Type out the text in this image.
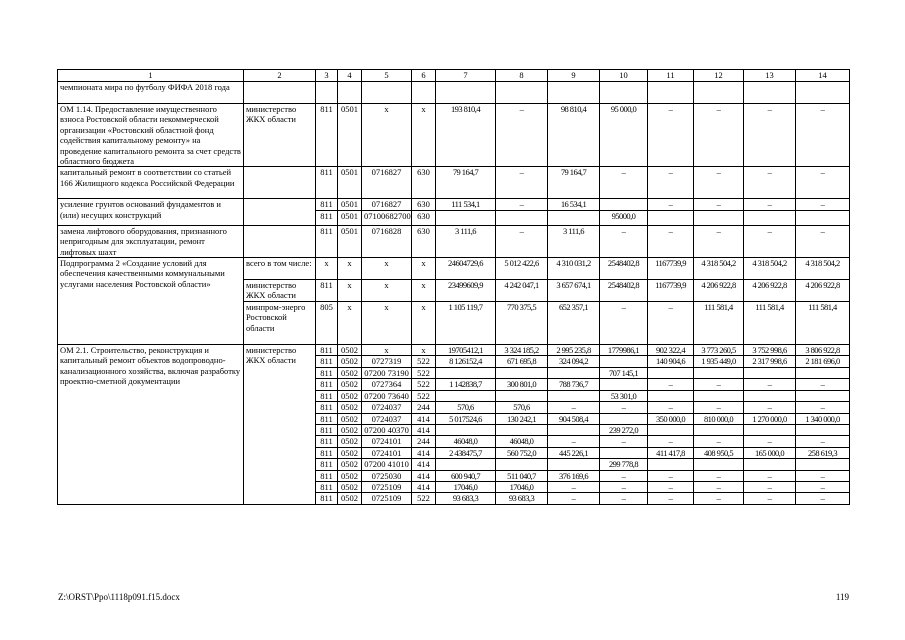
1	2	3	4	5	6	7	8	9	10	11	12	13	14
чемпионата мира по футболу ФИФА 2018 года													
ОМ 1.14. Предоставление имущественного взноса Ростовской области некоммерческой организации «Ростовский областной фонд содействия капитальному ремонту» на проведение капитального ремонта за счет средств областного бюджета	министерство ЖКХ области	811	0501	х	х	193 810,4	–	98 810,4	95 000,0	–	–	–	–
капитальный ремонт в соответствии со статьей 166 Жилищного кодекса Российской Федерации		811	0501	0716827	630	79 164,7	–	79 164,7	–	–	–	–	–
усиление грунтов оснований фундаментов и (или) несущих конструкций		811	0501	0716827	630	111 534,1	–	16 534,1		–	–	–	–
		811	0501	07100682700	630				95000,0				
замена лифтового оборудования, признанного непригодным для эксплуатации, ремонт лифтовых шахт		811	0501	0716828	630	3 111,6	–	3 111,6	–	–	–	–	–
Подпрограмма 2 «Создание условий для обеспечения качественными коммунальными услугами населения Ростовской области»	всего в том числе:	х	х	х	х	24604729,6	5 012 422,6	4 310 031,2	2548402,8	1167739,9	4 318 504,2	4 318 504,2	4 318 504,2
	министерство ЖКХ области	811	х	х	х	23499609,9	4 242 047,1	3 657 674,1	2548402,8	1167739,9	4 206 922,8	4 206 922,8	4 206 922,8
	минпром-энерго Ростовской области	805	х	х	х	1 105 119,7	770 375,5	652 357,1	–	–	111 581,4	111 581,4	111 581,4
ОМ 2.1. Строительство, реконструкция и капитальный ремонт объектов водопроводно-канализационного хозяйства, включая разработку проектно-сметной документации	министерство ЖКХ области	811	0502	х	х	19705412,1	3 324 185,2	2 995 235,8	1779986,1	902 322,4	3 773 260,5	3 752 998,6	3 806 922,8
		811	0502	0727319	522	8 126152,4	671 695,8	324 094,2		140 904,6	1 935 449,0	2 317 998,6	2 181 696,0
		811	0502	07200 73190	522				707 145,1				
		811	0502	0727364	522	1 142838,7	300 801,0	788 736,7		–	–	–	–
		811	0502	07200 73640	522				53 301,0				
		811	0502	0724037	244	570,6	570,6	–	–	–	–	–	–
		811	0502	0724037	414	5 017524,6	130 242,1	904 508,4		350 000,0	810 000,0	1 270 000,0	1 340 000,0
		811	0502	07200 40370	414				239 272,0				
		811	0502	0724101	244	46048,0	46048,0	–	–	–	–	–	–
		811	0502	0724101	414	2 438475,7	560 752,0	445 226,1		411 417,8	408 950,5	165 000,0	258 619,3
		811	0502	07200 41010	414				299 778,8				
		811	0502	0725030	414	600 940,7	511 040,7	376 169,6	–	–	–	–	–
		811	0502	0725109	414	17046,0	17046,0	–	–	–	–	–	–
		811	0502	0725109	522	93 683,3	93 683,3	–	–	–	–	–	–
Z:\ORST\Ppo\1118p091.f15.docx	119
